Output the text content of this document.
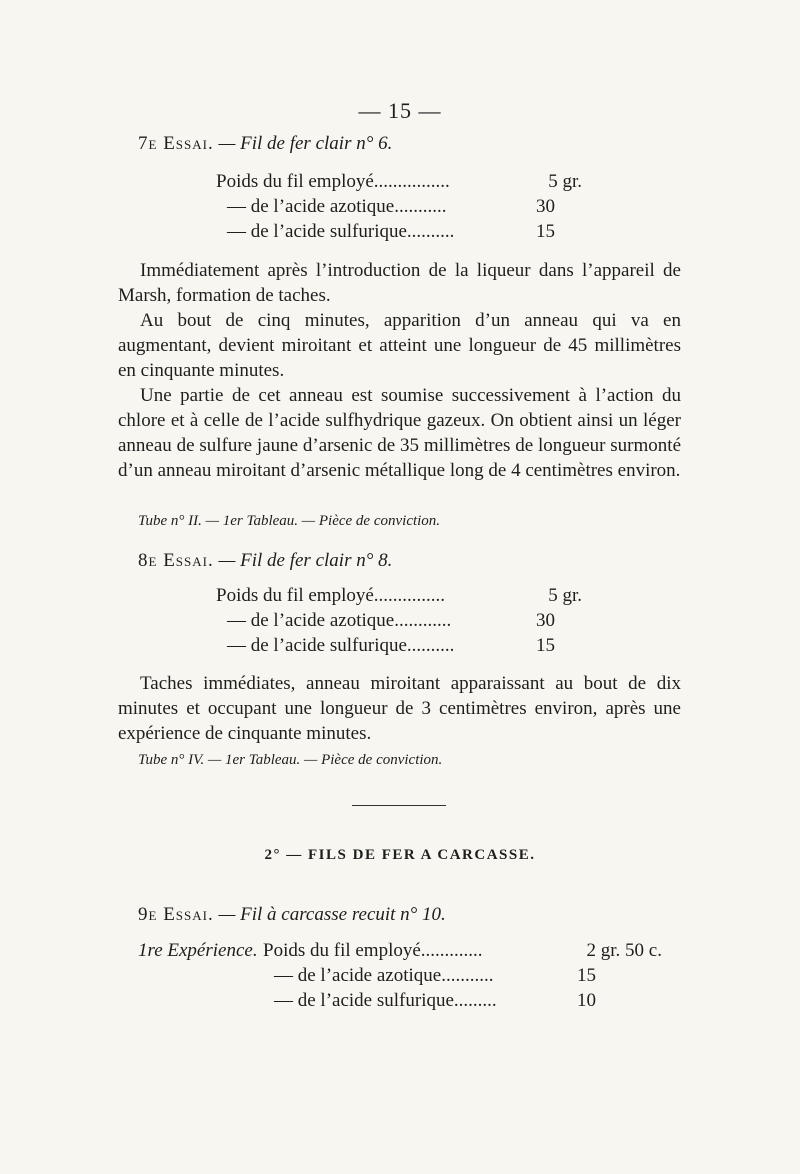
— 15 —
7e Essai. — Fil de fer clair n° 6.
Poids du fil employé................	5 gr.
— de l’acide azotique...........	30
— de l’acide sulfurique..........	15

Immédiatement après l’introduction de la liqueur dans l’appareil de Marsh, formation de taches.

Au bout de cinq minutes, apparition d’un anneau qui va en augmentant, devient miroitant et atteint une longueur de 45 millimètres en cinquante minutes.

Une partie de cet anneau est soumise successivement à l’action du chlore et à celle de l’acide sulfhydrique gazeux. On obtient ainsi un léger anneau de sulfure jaune d’arsenic de 35 millimètres de longueur surmonté d’un anneau miroitant d’arsenic métallique long de 4 centimètres environ.

Tube n° II. — 1er Tableau. — Pièce de conviction.
8e Essai. — Fil de fer clair n° 8.
Poids du fil employé...............	5 gr.
— de l’acide azotique............	30
— de l’acide sulfurique..........	15

Taches immédiates, anneau miroitant apparaissant au bout de dix minutes et occupant une longueur de 3 centimètres environ, après une expérience de cinquante minutes.

Tube n° IV. — 1er Tableau. — Pièce de conviction.
2° — FILS DE FER A CARCASSE.
9e Essai. — Fil à carcasse recuit n° 10.
1re Expérience. Poids du fil employé.............	2 gr. 50 c.
— de l’acide azotique...........	15
— de l’acide sulfurique.........	10
